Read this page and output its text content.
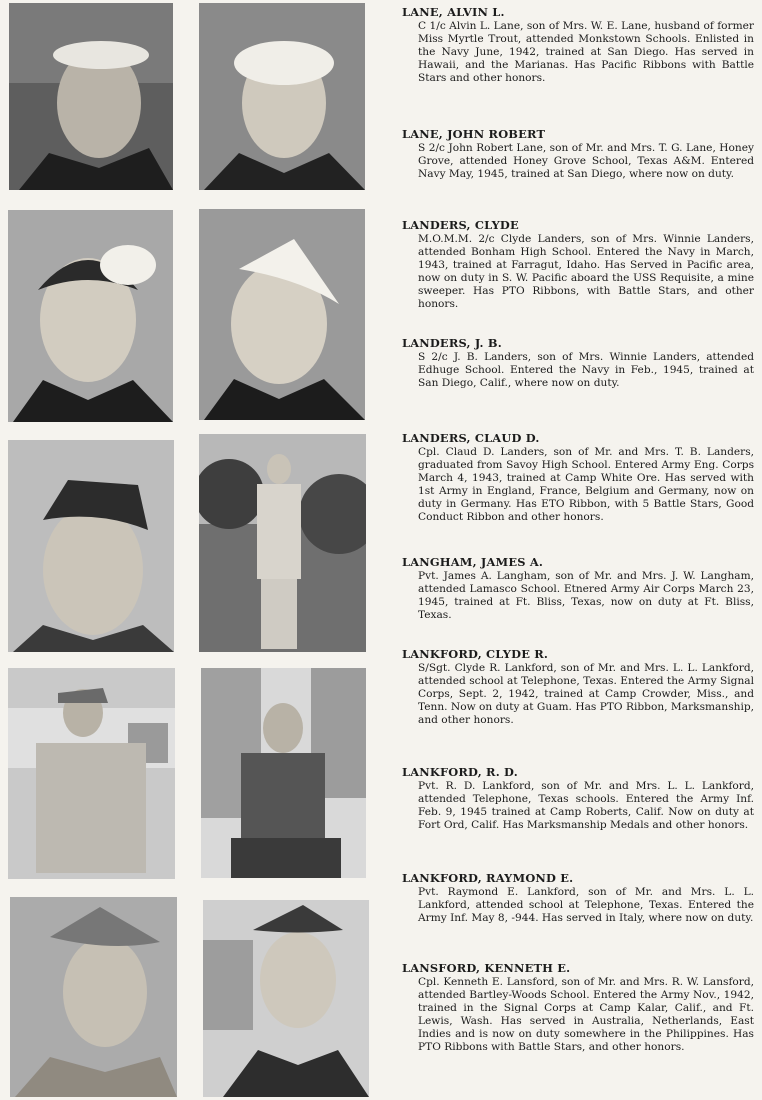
LANE, ALVIN L.
C 1/c Alvin L. Lane, son of Mrs. W. E. Lane, husband of former Miss Myrtle Trout, attended Monkstown Schools. Enlisted in the Navy June, 1942, trained at San Diego. Has served in Hawaii, and the Marianas. Has Pacific Ribbons with Battle Stars and other honors.
LANE, JOHN ROBERT
S 2/c John Robert Lane, son of Mr. and Mrs. T. G. Lane, Honey Grove, attended Honey Grove School, Texas A&M. Entered Navy May, 1945, trained at San Diego, where now on duty.
LANDERS, CLYDE
M.O.M.M. 2/c Clyde Landers, son of Mrs. Winnie Landers, attended Bonham High School. Entered the Navy in March, 1943, trained at Farragut, Idaho. Has Served in Pacific area, now on duty in S. W. Pacific aboard the USS Requisite, a mine sweeper. Has PTO Ribbons, with Battle Stars, and other honors.
LANDERS, J. B.
S 2/c J. B. Landers, son of Mrs. Winnie Landers, attended Edhuge School. Entered the Navy in Feb., 1945, trained at San Diego, Calif., where now on duty.
LANDERS, CLAUD D.
Cpl. Claud D. Landers, son of Mr. and Mrs. T. B. Landers, graduated from Savoy High School. Entered Army Eng. Corps March 4, 1943, trained at Camp White Ore. Has served with 1st Army in England, France, Belgium and Germany, now on duty in Germany. Has ETO Ribbon, with 5 Battle Stars, Good Conduct Ribbon and other honors.
LANGHAM, JAMES A.
Pvt. James A. Langham, son of Mr. and Mrs. J. W. Langham, attended Lamasco School. Etnered Army Air Corps March 23, 1945, trained at Ft. Bliss, Texas, now on duty at Ft. Bliss, Texas.
LANKFORD, CLYDE R.
S/Sgt. Clyde R. Lankford, son of Mr. and Mrs. L. L. Lankford, attended school at Telephone, Texas. Entered the Army Signal Corps, Sept. 2, 1942, trained at Camp Crowder, Miss., and Tenn. Now on duty at Guam. Has PTO Ribbon, Marksmanship, and other honors.
LANKFORD, R. D.
Pvt. R. D. Lankford, son of Mr. and Mrs. L. L. Lankford, attended Telephone, Texas schools. Entered the Army Inf. Feb. 9, 1945 trained at Camp Roberts, Calif. Now on duty at Fort Ord, Calif. Has Marksmanship Medals and other honors.
LANKFORD, RAYMOND E.
Pvt. Raymond E. Lankford, son of Mr. and Mrs. L. L. Lankford, attended school at Telephone, Texas. Entered the Army Inf. May 8, -944. Has served in Italy, where now on duty.
LANSFORD, KENNETH E.
Cpl. Kenneth E. Lansford, son of Mr. and Mrs. R. W. Lansford, attended Bartley-Woods School. Entered the Army Nov., 1942, trained in the Signal Corps at Camp Kalar, Calif., and Ft. Lewis, Wash. Has served in Australia, Netherlands, East Indies and is now on duty somewhere in the Philippines. Has PTO Ribbons with Battle Stars, and other honors.
